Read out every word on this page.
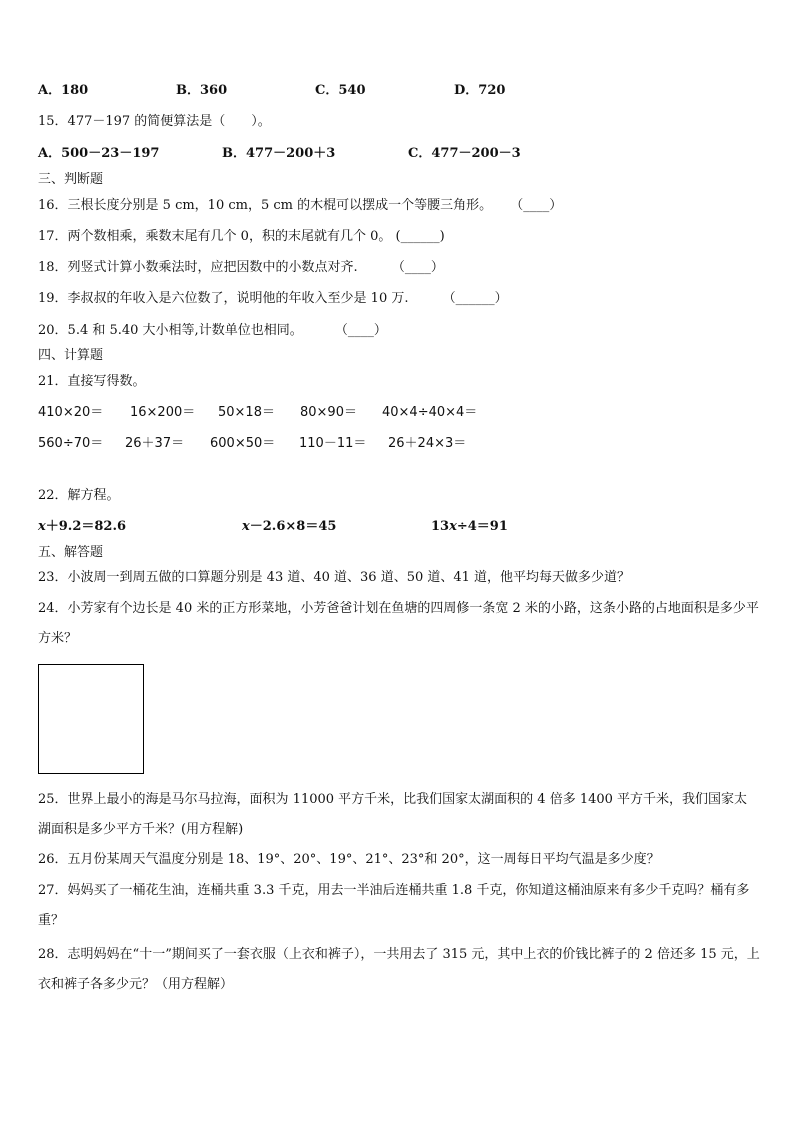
A．180	B．360	C．540	D．720
15．477－197 的简便算法是（　　）。
A．500－23－197	B．477－200＋3	C．477－200－3
三、判断题
16．三根长度分别是 5 cm，10 cm，5 cm 的木棍可以摆成一个等腰三角形。 （____）
17．两个数相乘，乘数末尾有几个 0，积的末尾就有几个 0。 (______)
18．列竖式计算小数乘法时，应把因数中的小数点对齐.	（____）
19．李叔叔的年收入是六位数了，说明他的年收入至少是 10 万.	（______）
20．5.4 和 5.40 大小相等,计数单位也相同。 （____）
四、计算题
21．直接写得数。
410×20＝ 16×200＝ 50×18＝ 80×90＝ 40×4÷40×4＝
560÷70＝ 26＋37＝ 600×50＝ 110－11＝ 26＋24×3＝
22．解方程。
x＋9.2＝82.6	x－2.6×8＝45	13x÷4＝91
五、解答题
23．小波周一到周五做的口算题分别是 43 道、40 道、36 道、50 道、41 道，他平均每天做多少道？
24．小芳家有个边长是 40 米的正方形菜地，小芳爸爸计划在鱼塘的四周修一条宽 2 米的小路，这条小路的占地面积是多少平方米？
25．世界上最小的海是马尔马拉海，面积为 11000 平方千米，比我们国家太湖面积的 4 倍多 1400 平方千米，我们国家太湖面积是多少平方千米？(用方程解)
26．五月份某周天气温度分别是 18、19°、20°、19°、21°、23°和 20°，这一周每日平均气温是多少度？
27．妈妈买了一桶花生油，连桶共重 3.3 千克，用去一半油后连桶共重 1.8 千克，你知道这桶油原来有多少千克吗？桶有多重？
28．志明妈妈在“十一”期间买了一套衣服（上衣和裤子），一共用去了 315 元，其中上衣的价钱比裤子的 2 倍还多 15 元，上衣和裤子各多少元？（用方程解）
